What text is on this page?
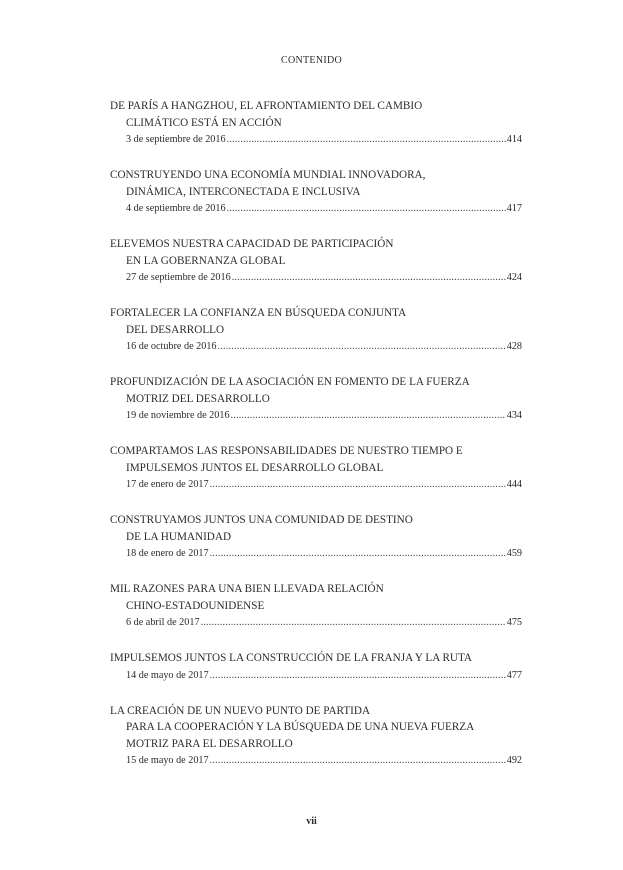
CONTENIDO
DE PARÍS A HANGZHOU, EL AFRONTAMIENTO DEL CAMBIO
CLIMÁTICO ESTÁ EN ACCIÓN
3 de septiembre de 2016 .....	414
CONSTRUYENDO UNA ECONOMÍA MUNDIAL INNOVADORA,
DINÁMICA, INTERCONECTADA E INCLUSIVA
4 de septiembre de 2016 .....	417
ELEVEMOS NUESTRA CAPACIDAD DE PARTICIPACIÓN
EN LA GOBERNANZA GLOBAL
27 de septiembre de 2016 .....	424
FORTALECER LA CONFIANZA EN BÚSQUEDA CONJUNTA
DEL DESARROLLO
16 de octubre de 2016 .....	428
PROFUNDIZACIÓN DE LA ASOCIACIÓN EN FOMENTO DE LA FUERZA
MOTRIZ DEL DESARROLLO
19 de noviembre de 2016 .....	434
COMPARTAMOS LAS RESPONSABILIDADES DE NUESTRO TIEMPO E
IMPULSEMOS JUNTOS EL DESARROLLO GLOBAL
17 de enero de 2017 .....	444
CONSTRUYAMOS JUNTOS UNA COMUNIDAD DE DESTINO
DE LA HUMANIDAD
18 de enero de 2017 .....	459
MIL RAZONES PARA UNA BIEN LLEVADA RELACIÓN
CHINO-ESTADOUNIDENSE
6 de abril de 2017 .....	475
IMPULSEMOS JUNTOS LA CONSTRUCCIÓN DE LA FRANJA Y LA RUTA
14 de mayo de 2017 .....	477
LA CREACIÓN DE UN NUEVO PUNTO DE PARTIDA
PARA LA COOPERACIÓN Y LA BÚSQUEDA DE UNA NUEVA FUERZA
MOTRIZ PARA EL DESARROLLO
15 de mayo de 2017 .....	492
vii
